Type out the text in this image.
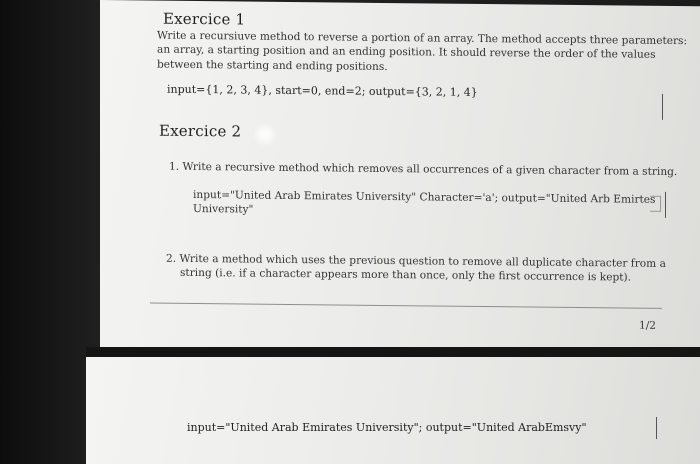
Exercice 1
Write a recursiuve method to reverse a portion of an array. The method accepts three parameters:
an array, a starting position and an ending position. It should reverse the order of the values
between the starting and ending positions.
input={1, 2, 3, 4}, start=0, end=2; output={3, 2, 1, 4}
Exercice 2
1. Write a recursive method which removes all occurrences of a given character from a string.
input="United Arab Emirates University" Character='a'; output="United Arb Emirtes
University"
2. Write a method which uses the previous question to remove all duplicate character from a
string (i.e. if a character appears more than once, only the first occurrence is kept).
1/2
input="United Arab Emirates University"; output="United ArabEmsvy"
